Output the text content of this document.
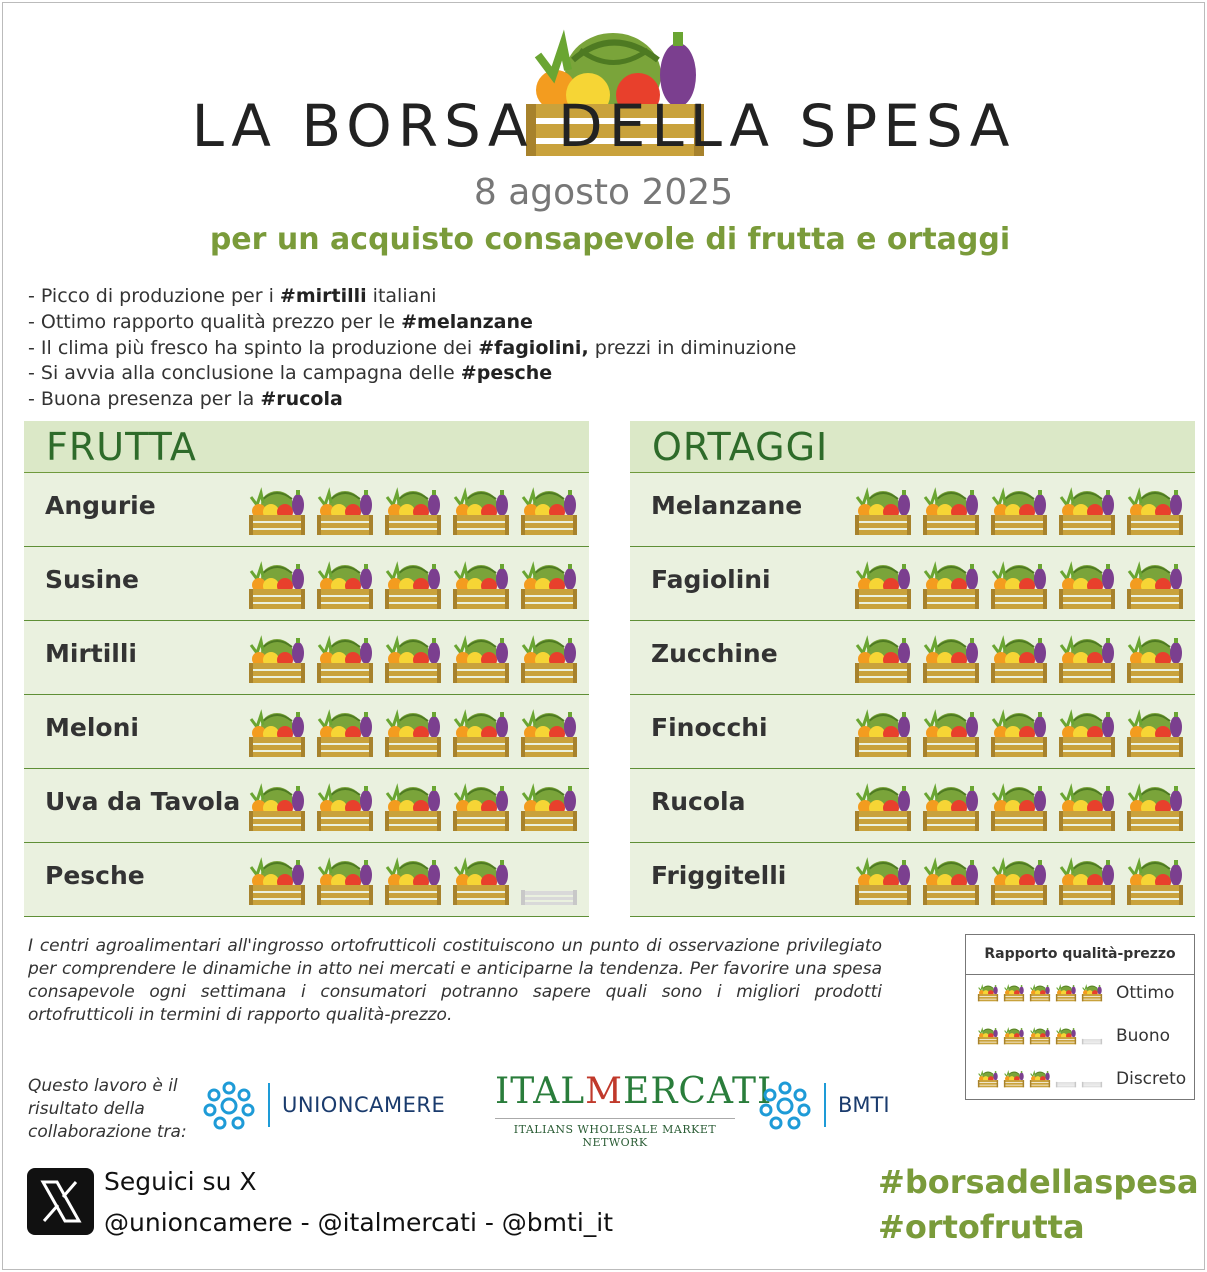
LA BORSA DELLA SPESA
8 agosto 2025
per un acquisto consapevole di frutta e ortaggi
- Picco di produzione per i #mirtilli italiani
- Ottimo rapporto qualità prezzo per le #melanzane
- Il clima più fresco ha spinto la produzione dei #fagiolini, prezzi in diminuzione
- Si avvia alla conclusione la campagna delle #pesche
- Buona presenza per la #rucola
FRUTTA
Angurie
Susine
Mirtilli
Meloni
Uva da Tavola
Pesche
ORTAGGI
Melanzane
Fagiolini
Zucchine
Finocchi
Rucola
Friggitelli
I centri agroalimentari all'ingrosso ortofrutticoli costituiscono un punto di osservazione privilegiato per comprendere le dinamiche in atto nei mercati e anticiparne la tendenza. Per favorire una spesa consapevole ogni settimana i consumatori potranno sapere quali sono i migliori prodotti ortofrutticoli in termini di rapporto qualità-prezzo.
Rapporto qualità-prezzo
Ottimo
Buono
Discreto
Questo lavoro è il
risultato della
collaborazione tra:
UNIONCAMERE ITALMERCATI
ITALIANS WHOLESALE MARKET NETWORK
BMTI
Seguici su X
@unioncamere - @italmercati - @bmti_it
#borsadellaspesa
#ortofrutta
